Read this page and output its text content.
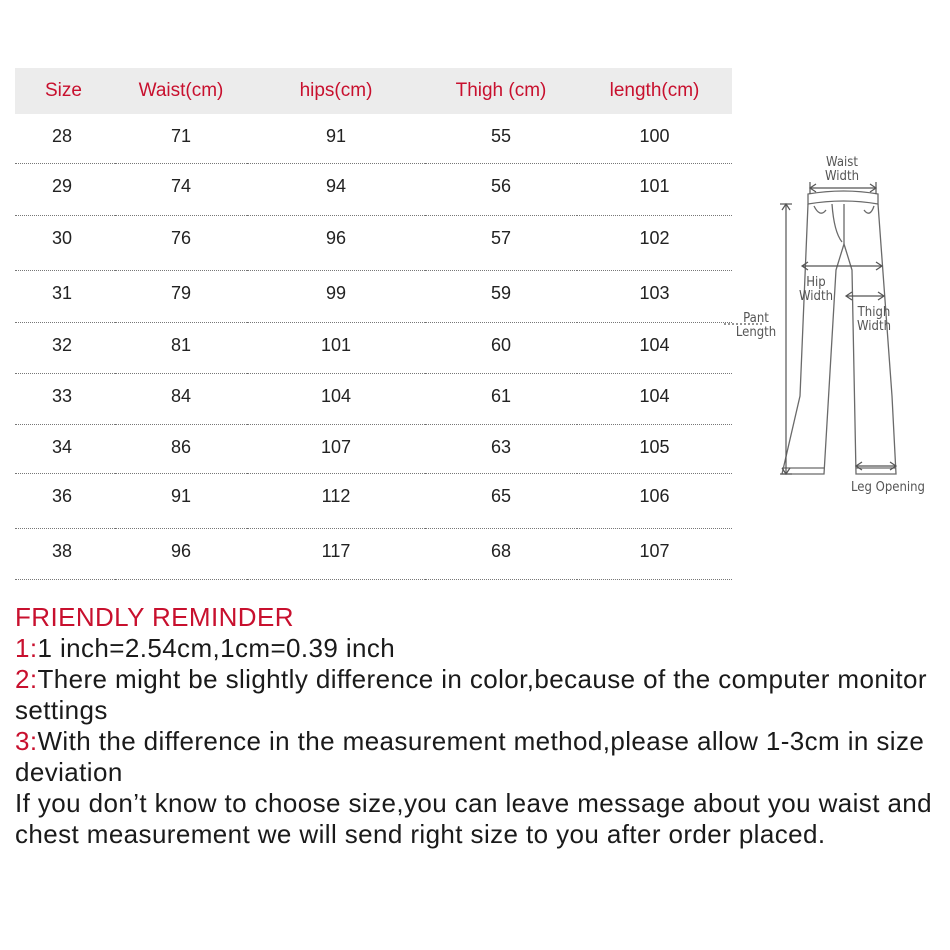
Size	Waist(cm)	hips(cm)	Thigh (cm)	length(cm)
28	71	91	55	100
29	74	94	56	101
30	76	96	57	102
31	79	99	59	103
32	81	101	60	104
33	84	104	61	104
34	86	107	63	105
36	91	112	65	106
38	96	117	68	107
Waist
Width
Hip
Width
Thigh
Width
Pant
Length
Leg Opening
FRIENDLY REMINDER

1:1 inch=2.54cm,1cm=0.39 inch

2:There might be slightly difference in color,because of the computer monitor settings

3:With the difference in the measurement method,please allow 1-3cm in size deviation

If you don’t know to choose size,you can leave message about you waist and chest measurement we will send right size to you after order placed.
